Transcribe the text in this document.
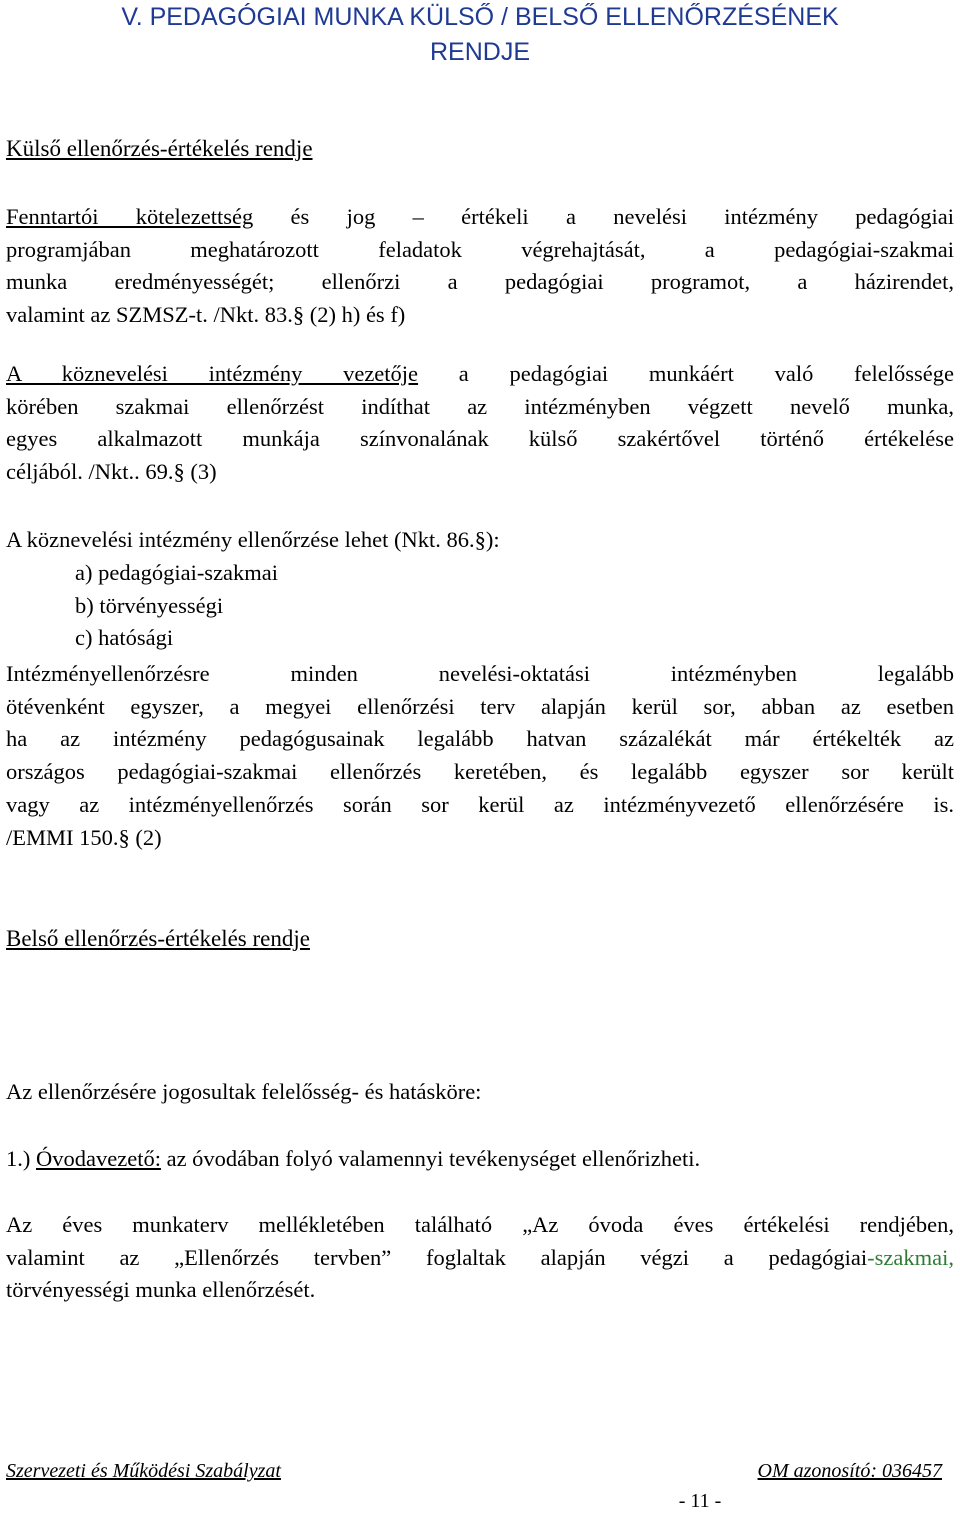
V. PEDAGÓGIAI MUNKA KÜLSŐ / BELSŐ ELLENŐRZÉSÉNEK
RENDJE
Külső ellenőrzés-értékelés rendje
Fenntartói kötelezettség és jog – értékeli a nevelési intézmény pedagógiai
programjában meghatározott feladatok végrehajtását, a pedagógiai-szakmai
munka eredményességét; ellenőrzi a pedagógiai programot, a házirendet,
valamint az SZMSZ-t. /Nkt. 83.§ (2) h) és f)
A köznevelési intézmény vezetője a pedagógiai munkáért való felelőssége
körében szakmai ellenőrzést indíthat az intézményben végzett nevelő munka,
egyes alkalmazott munkája színvonalának külső szakértővel történő értékelése
céljából. /Nkt.. 69.§ (3)
A köznevelési intézmény ellenőrzése lehet (Nkt. 86.§):
a) pedagógiai-szakmai
b) törvényességi
c) hatósági
Intézményellenőrzésre minden nevelési-oktatási intézményben legalább
ötévenként egyszer, a megyei ellenőrzési terv alapján kerül sor, abban az esetben
ha az intézmény pedagógusainak legalább hatvan százalékát már értékelték az
országos pedagógiai-szakmai ellenőrzés keretében, és legalább egyszer sor került
vagy az intézményellenőrzés során sor kerül az intézményvezető ellenőrzésére is.
/EMMI 150.§ (2)
Belső ellenőrzés-értékelés rendje
Az ellenőrzésére jogosultak felelősség- és hatásköre:
1.) Óvodavezető: az óvodában folyó valamennyi tevékenységet ellenőrizheti.
Az éves munkaterv mellékletében található „Az óvoda éves értékelési rendjében,
valamint az „Ellenőrzés tervben” foglaltak alapján végzi a pedagógiai-szakmai,
törvényességi munka ellenőrzését.
Szervezeti és Működési Szabályzat	OM azonosító: 036457
- 11 -
